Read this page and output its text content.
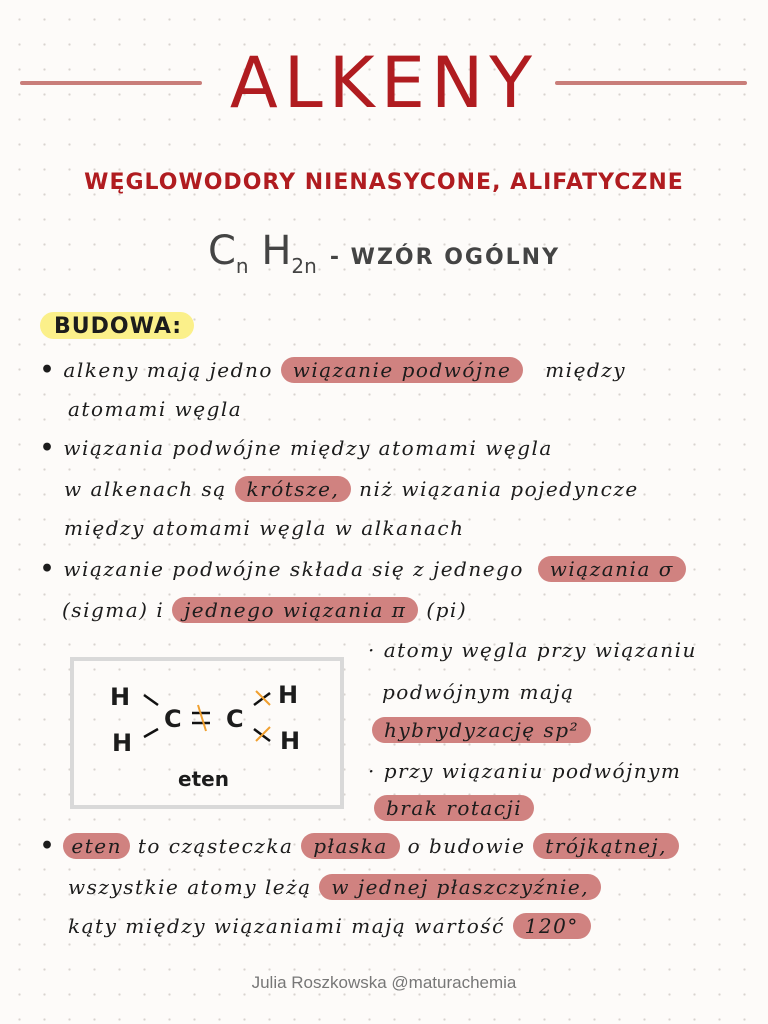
ALKENY
WĘGLOWODORY NIENASYCONE, ALIFATYCZNE
$C_n$ $H_{2n}$ - WZÓR OGÓLNY
BUDOWA:
• alkeny mają jedno wiązanie podwójne między
atomami węgla
• wiązania podwójne między atomami węgla
w alkenach są krótsze, niż wiązania pojedyncze
między atomami węgla w alkanach
• wiązanie podwójne składa się z jednego wiązania σ
(sigma) i jednego wiązania π (pi)
H
H
C C
H
H
eten
· atomy węgla przy wiązaniu
podwójnym mają
hybrydyzację sp²
· przy wiązaniu podwójnym
brak rotacji
• eten to cząsteczka płaska o budowie trójkątnej,
wszystkie atomy leżą w jednej płaszczyźnie,
kąty między wiązaniami mają wartość 120°
Julia Roszkowska @maturachemia
